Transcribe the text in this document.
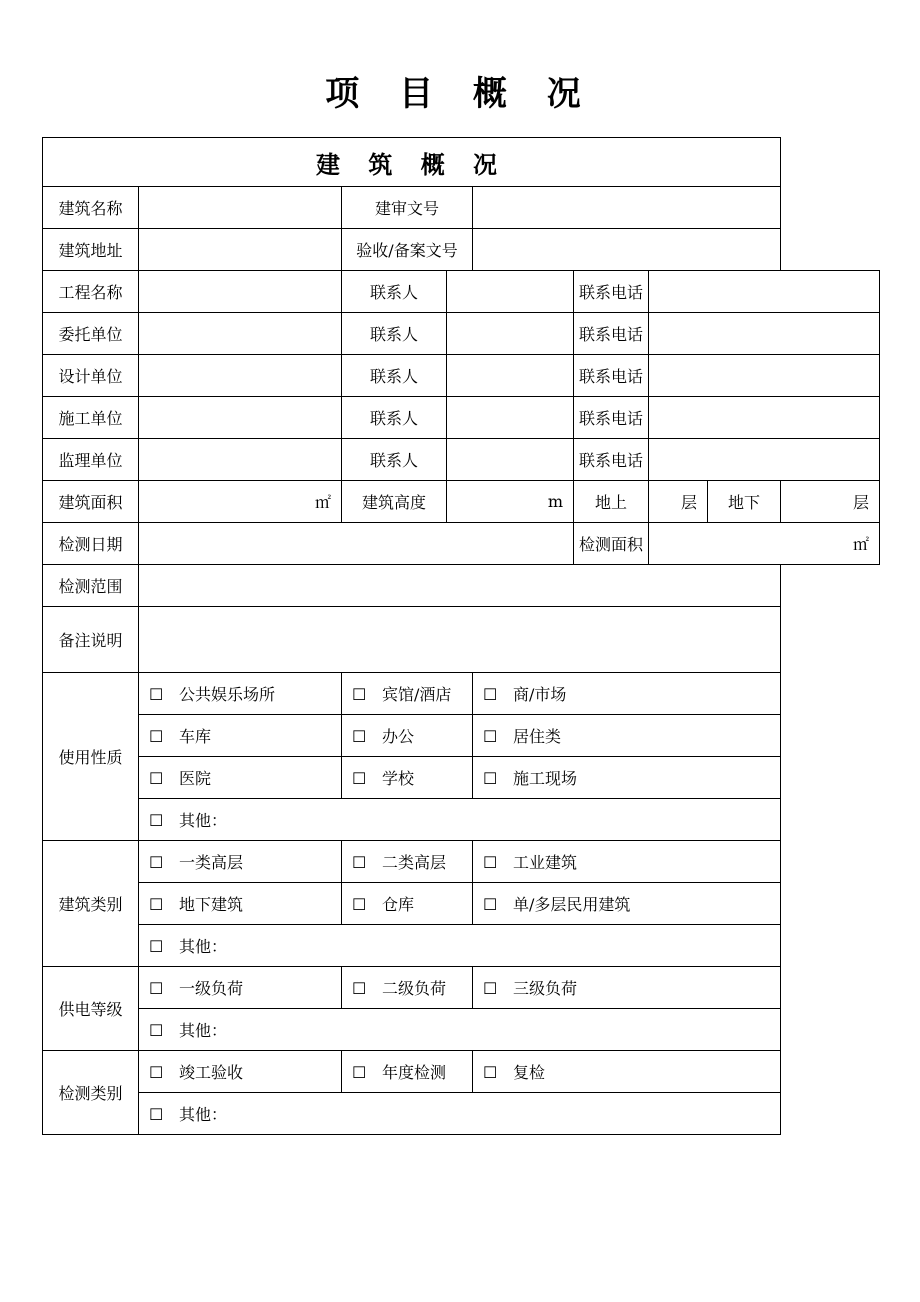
项 目 概 况
建 筑 概 况								
建筑名称		建审文号						
建筑地址		验收/备案文号						
工程名称		联系人			联系电话			
委托单位		联系人			联系电话			
设计单位		联系人			联系电话			
施工单位		联系人			联系电话			
监理单位		联系人			联系电话			
建筑面积	㎡	建筑高度	m		地上	层	地下	层
检测日期					检测面积	㎡		
检测范围								
备注说明								
使用性质	☐ 公共娱乐场所	☐ 宾馆/酒店		☐ 商/市场				
	☐ 车库	☐ 办公		☐ 居住类				
	☐ 医院	☐ 学校		☐ 施工现场				
	☐ 其他：							
建筑类别	☐ 一类高层	☐ 二类高层		☐ 工业建筑				
	☐ 地下建筑	☐ 仓库		☐ 单/多层民用建筑				
	☐ 其他：							
供电等级	☐ 一级负荷	☐ 二级负荷		☐ 三级负荷				
	☐ 其他：							
检测类别	☐ 竣工验收	☐ 年度检测		☐ 复检				
	☐ 其他：							
